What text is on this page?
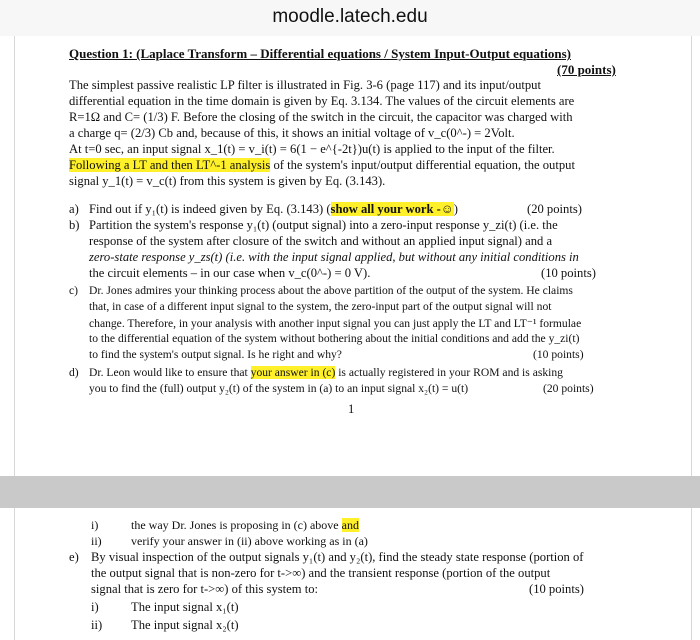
moodle.latech.edu
Question 1: (Laplace Transform – Differential equations / System Input-Output equations)
(70 points)
The simplest passive realistic LP filter is illustrated in Fig. 3-6 (page 117) and its input/output
differential equation in the time domain is given by Eq. 3.134. The values of the circuit elements are
R=1Ω and C= (1/3) F. Before the closing of the switch in the circuit, the capacitor was charged with
a charge q= (2/3) Cb and, because of this, it shows an initial voltage of v_c(0^-) = 2Volt.
At t=0 sec, an input signal x_1(t) = v_i(t) = 6(1 − e^{-2t})u(t) is applied to the input of the filter.
Following a LT and then LT^-1 analysis of the system's input/output differential equation, the output
signal y_1(t) = v_c(t) from this system is given by Eq. (3.143).
a) Find out if y₁(t) is indeed given by Eq. (3.143) (show all your work -☺)	(20 points)
b) Partition the system's response y₁(t) (output signal) into a zero-input response y_zi(t) (i.e. the
response of the system after closure of the switch and without an applied input signal) and a
zero-state response y_zs(t) (i.e. with the input signal applied, but without any initial conditions in
the circuit elements – in our case when v_c(0^-) = 0 V).	(10 points)
c) Dr. Jones admires your thinking process about the above partition of the output of the system. He claims
that, in case of a different input signal to the system, the zero-input part of the output signal will not
change. Therefore, in your analysis with another input signal you can just apply the LT and LT⁻¹ formulae
to the differential equation of the system without bothering about the initial conditions and add the y_zi(t)
to find the system's output signal. Is he right and why?	(10 points)
d) Dr. Leon would like to ensure that your answer in (c) is actually registered in your ROM and is asking
you to find the (full) output y₂(t) of the system in (a) to an input signal x₂(t) = u(t)	(20 points)
1
i)	the way Dr. Jones is proposing in (c) above and
ii) verify your answer in (ii) above working as in (a)
e) By visual inspection of the output signals y₁(t) and y₂(t), find the steady state response (portion of
the output signal that is non-zero for t->∞) and the transient response (portion of the output
signal that is zero for t->∞) of this system to:	(10 points)
i)	The input signal x₁(t)
ii) The input signal x₂(t)
